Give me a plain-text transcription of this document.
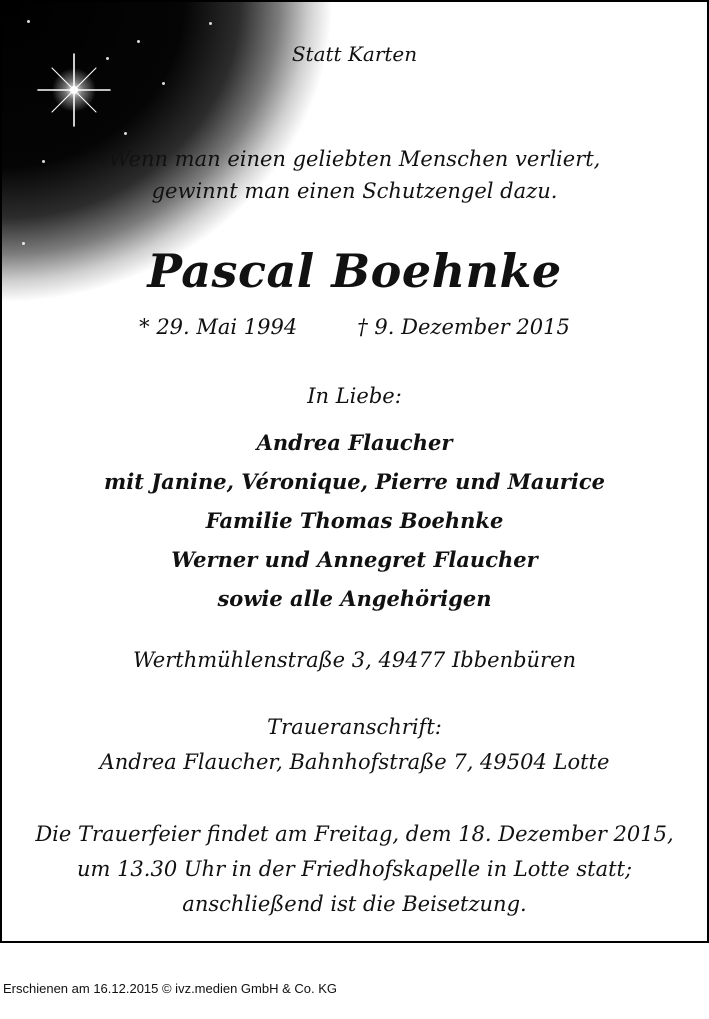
Statt Karten
Wenn man einen geliebten Menschen verliert,
gewinnt man einen Schutzengel dazu.
Pascal Boehnke
* 29. Mai 1994	† 9. Dezember 2015
In Liebe:
Andrea Flaucher
mit Janine, Véronique, Pierre und Maurice
Familie Thomas Boehnke
Werner und Annegret Flaucher
sowie alle Angehörigen
Werthmühlenstraße 3, 49477 Ibbenbüren
Traueranschrift:
Andrea Flaucher, Bahnhofstraße 7, 49504 Lotte
Die Trauerfeier findet am Freitag, dem 18. Dezember 2015,
um 13.30 Uhr in der Friedhofskapelle in Lotte statt;
anschließend ist die Beisetzung.
Erschienen am 16.12.2015 © ivz.medien GmbH & Co. KG
